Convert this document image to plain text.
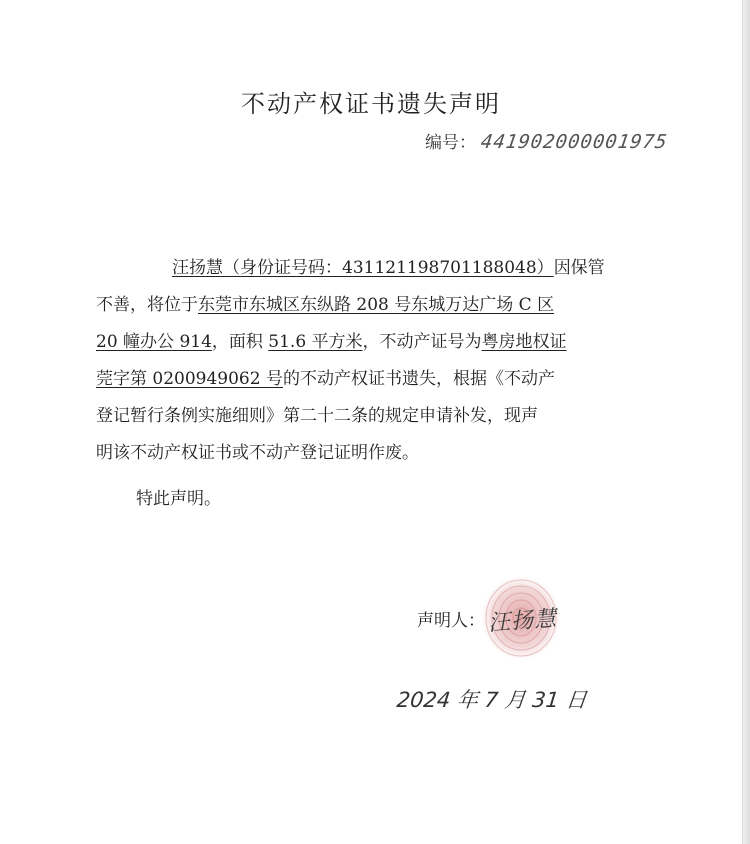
不动产权证书遗失声明
编号： 441902000001975
汪扬慧（身份证号码：431121198701188048）因保管
不善，将位于东莞市东城区东纵路 208 号东城万达广场 C 区
20 幢办公 914，面积 51.6 平方米，不动产证号为粤房地权证
莞字第 0200949062 号的不动产权证书遗失，根据《不动产
登记暂行条例实施细则》第二十二条的规定申请补发，现声
明该不动产权证书或不动产登记证明作废。
特此声明。
声明人： 汪扬慧
2024 年 7 月 31 日
